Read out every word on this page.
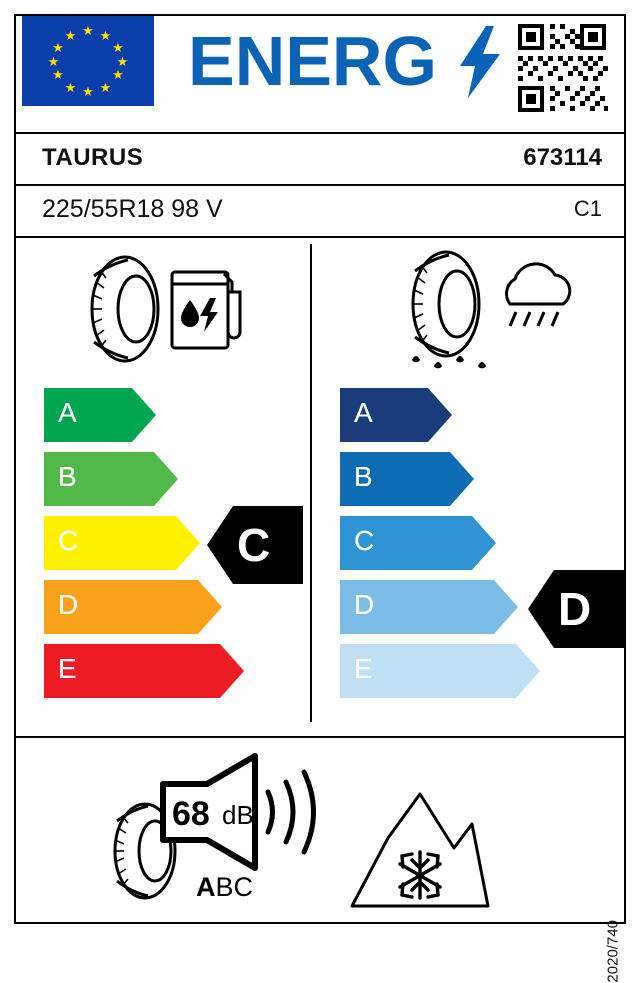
★
★ ★
★	★
★	★
★	★
★ ★
★ ENERG
TAURUS	673114
225/55R18 98 V	C1
A
B
C
D
E
C
A
B
C
D
E
D
68 dB
ABC
2020/740
